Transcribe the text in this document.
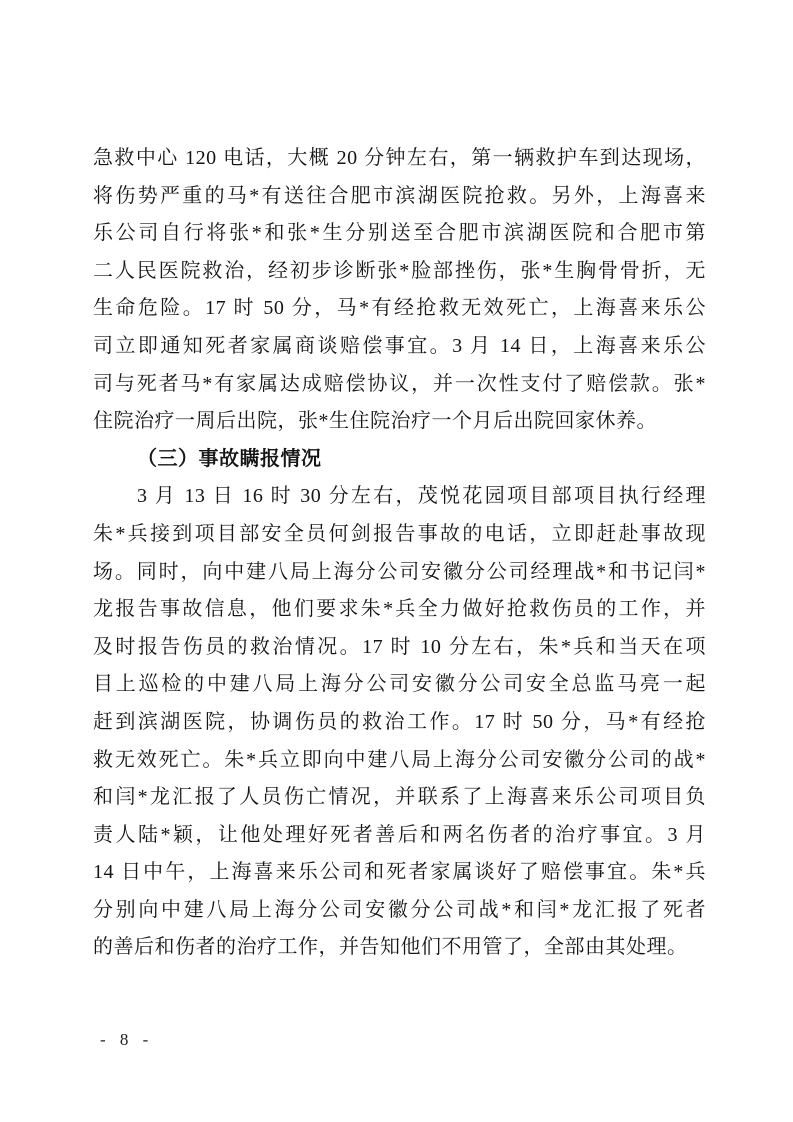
急救中心 120 电话，大概 20 分钟左右，第一辆救护车到达现场，
将伤势严重的马*有送往合肥市滨湖医院抢救。另外，上海喜来
乐公司自行将张*和张*生分别送至合肥市滨湖医院和合肥市第
二人民医院救治，经初步诊断张*脸部挫伤，张*生胸骨骨折，无
生命危险。17 时 50 分，马*有经抢救无效死亡，上海喜来乐公
司立即通知死者家属商谈赔偿事宜。3 月 14 日，上海喜来乐公
司与死者马*有家属达成赔偿协议，并一次性支付了赔偿款。张*
住院治疗一周后出院，张*生住院治疗一个月后出院回家休养。
（三）事故瞒报情况
3 月 13 日 16 时 30 分左右，茂悦花园项目部项目执行经理
朱*兵接到项目部安全员何剑报告事故的电话，立即赶赴事故现
场。同时，向中建八局上海分公司安徽分公司经理战*和书记闫*
龙报告事故信息，他们要求朱*兵全力做好抢救伤员的工作，并
及时报告伤员的救治情况。17 时 10 分左右，朱*兵和当天在项
目上巡检的中建八局上海分公司安徽分公司安全总监马亮一起
赶到滨湖医院，协调伤员的救治工作。17 时 50 分，马*有经抢
救无效死亡。朱*兵立即向中建八局上海分公司安徽分公司的战*
和闫*龙汇报了人员伤亡情况，并联系了上海喜来乐公司项目负
责人陆*颖，让他处理好死者善后和两名伤者的治疗事宜。3 月
14 日中午，上海喜来乐公司和死者家属谈好了赔偿事宜。朱*兵
分别向中建八局上海分公司安徽分公司战*和闫*龙汇报了死者
的善后和伤者的治疗工作，并告知他们不用管了，全部由其处理。
- 8 -
